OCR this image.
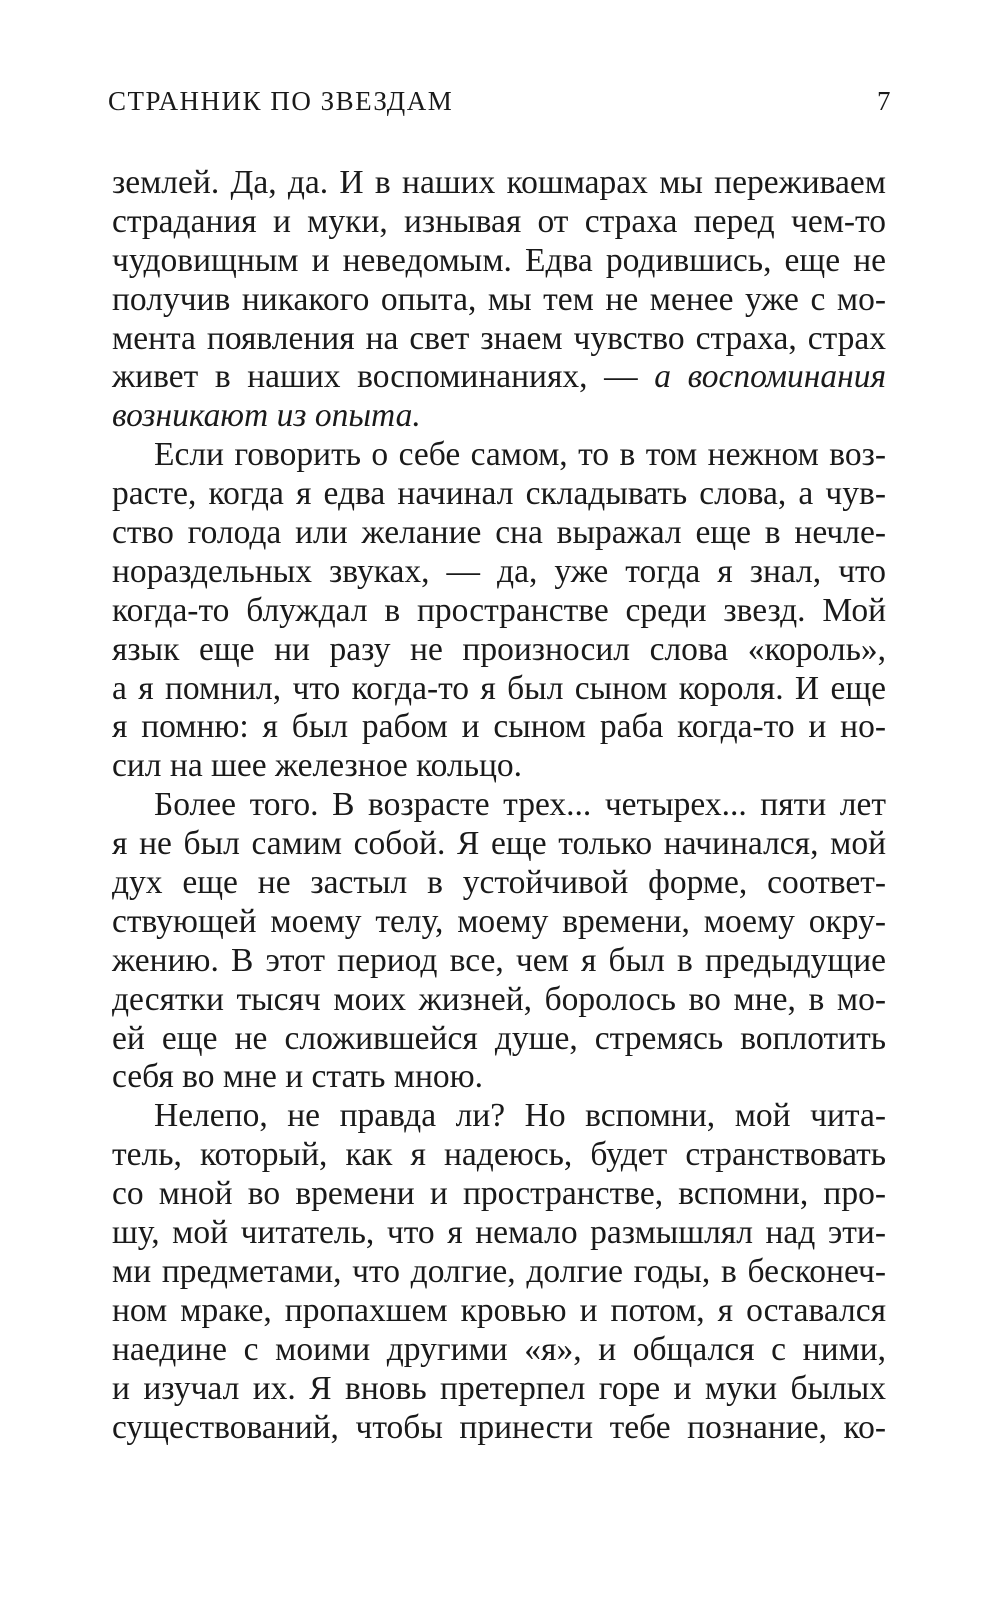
СТРАННИК ПО ЗВЕЗДАМ	7
землей. Да, да. И в наших кошмарах мы переживаем
страдания и муки, изнывая от страха перед чем-то
чудовищным и неведомым. Едва родившись, еще не
получив никакого опыта, мы тем не менее уже с мо-
мента появления на свет знаем чувство страха, страх
живет в наших воспоминаниях, — а воспоминания
возникают из опыта.
Если говорить о себе самом, то в том нежном воз-
расте, когда я едва начинал складывать слова, а чув-
ство голода или желание сна выражал еще в нечле-
нораздельных звуках, — да, уже тогда я знал, что
когда-то блуждал в пространстве среди звезд. Мой
язык еще ни разу не произносил слова «король»,
а я помнил, что когда-то я был сыном короля. И еще
я помню: я был рабом и сыном раба когда-то и но-
сил на шее железное кольцо.
Более того. В возрасте трех... четырех... пяти лет
я не был самим собой. Я еще только начинался, мой
дух еще не застыл в устойчивой форме, соответ-
ствующей моему телу, моему времени, моему окру-
жению. В этот период все, чем я был в предыдущие
десятки тысяч моих жизней, боролось во мне, в мо-
ей еще не сложившейся душе, стремясь воплотить
себя во мне и стать мною.
Нелепо, не правда ли? Но вспомни, мой чита-
тель, который, как я надеюсь, будет странствовать
со мной во времени и пространстве, вспомни, про-
шу, мой читатель, что я немало размышлял над эти-
ми предметами, что долгие, долгие годы, в бесконеч-
ном мраке, пропахшем кровью и потом, я оставался
наедине с моими другими «я», и общался с ними,
и изучал их. Я вновь претерпел горе и муки былых
существований, чтобы принести тебе познание, ко-
